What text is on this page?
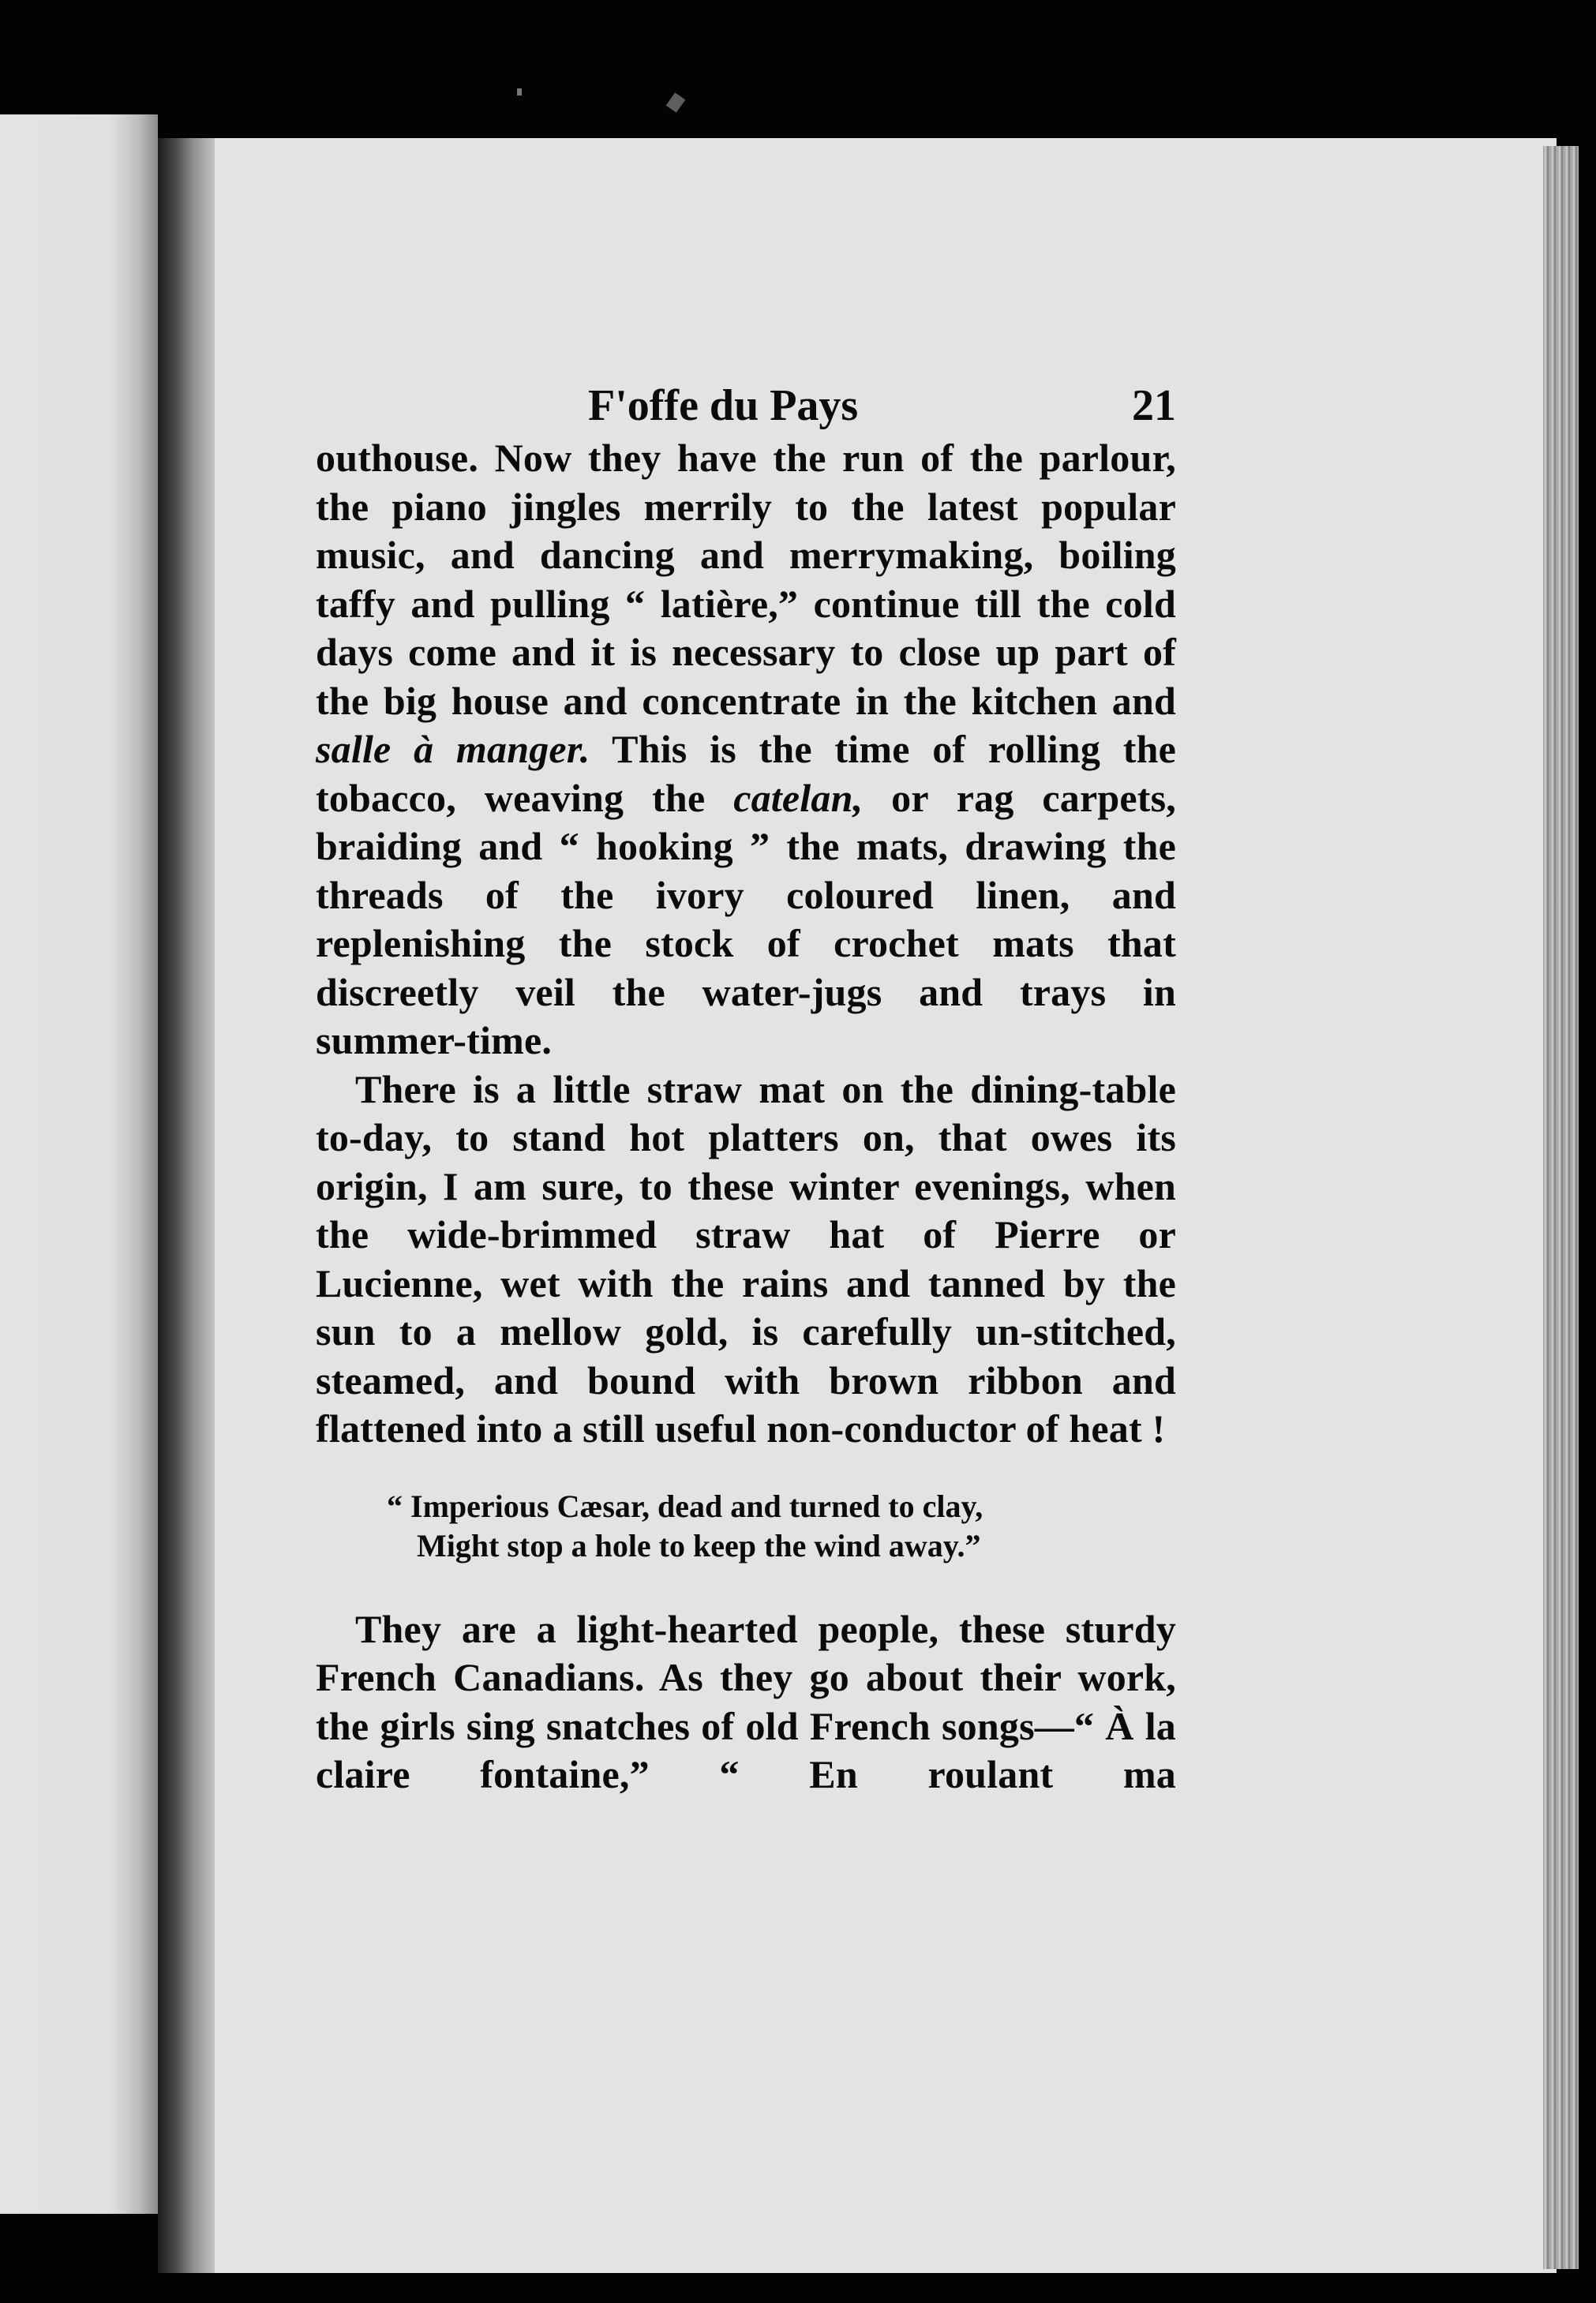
F'offe du Pays	21

outhouse. Now they have the run of the parlour, the piano jingles merrily to the latest popular music, and dancing and merrymaking, boiling taffy and pulling “ latière,” continue till the cold days come and it is necessary to close up part of the big house and concentrate in the kitchen and salle à manger. This is the time of rolling the tobacco, weaving the catelan, or rag carpets, braiding and “ hooking ” the mats, drawing the threads of the ivory coloured linen, and replenishing the stock of crochet mats that discreetly veil the water-jugs and trays in summer-time.

There is a little straw mat on the dining-table to-day, to stand hot platters on, that owes its origin, I am sure, to these winter evenings, when the wide-brimmed straw hat of Pierre or Lucienne, wet with the rains and tanned by the sun to a mellow gold, is carefully un-stitched, steamed, and bound with brown ribbon and flattened into a still useful non-conductor of heat !

“ Imperious Cæsar, dead and turned to clay,
Might stop a hole to keep the wind away.”

They are a light-hearted people, these sturdy French Canadians. As they go about their work, the girls sing snatches of old French songs—“ À la claire fontaine,” “ En roulant ma
